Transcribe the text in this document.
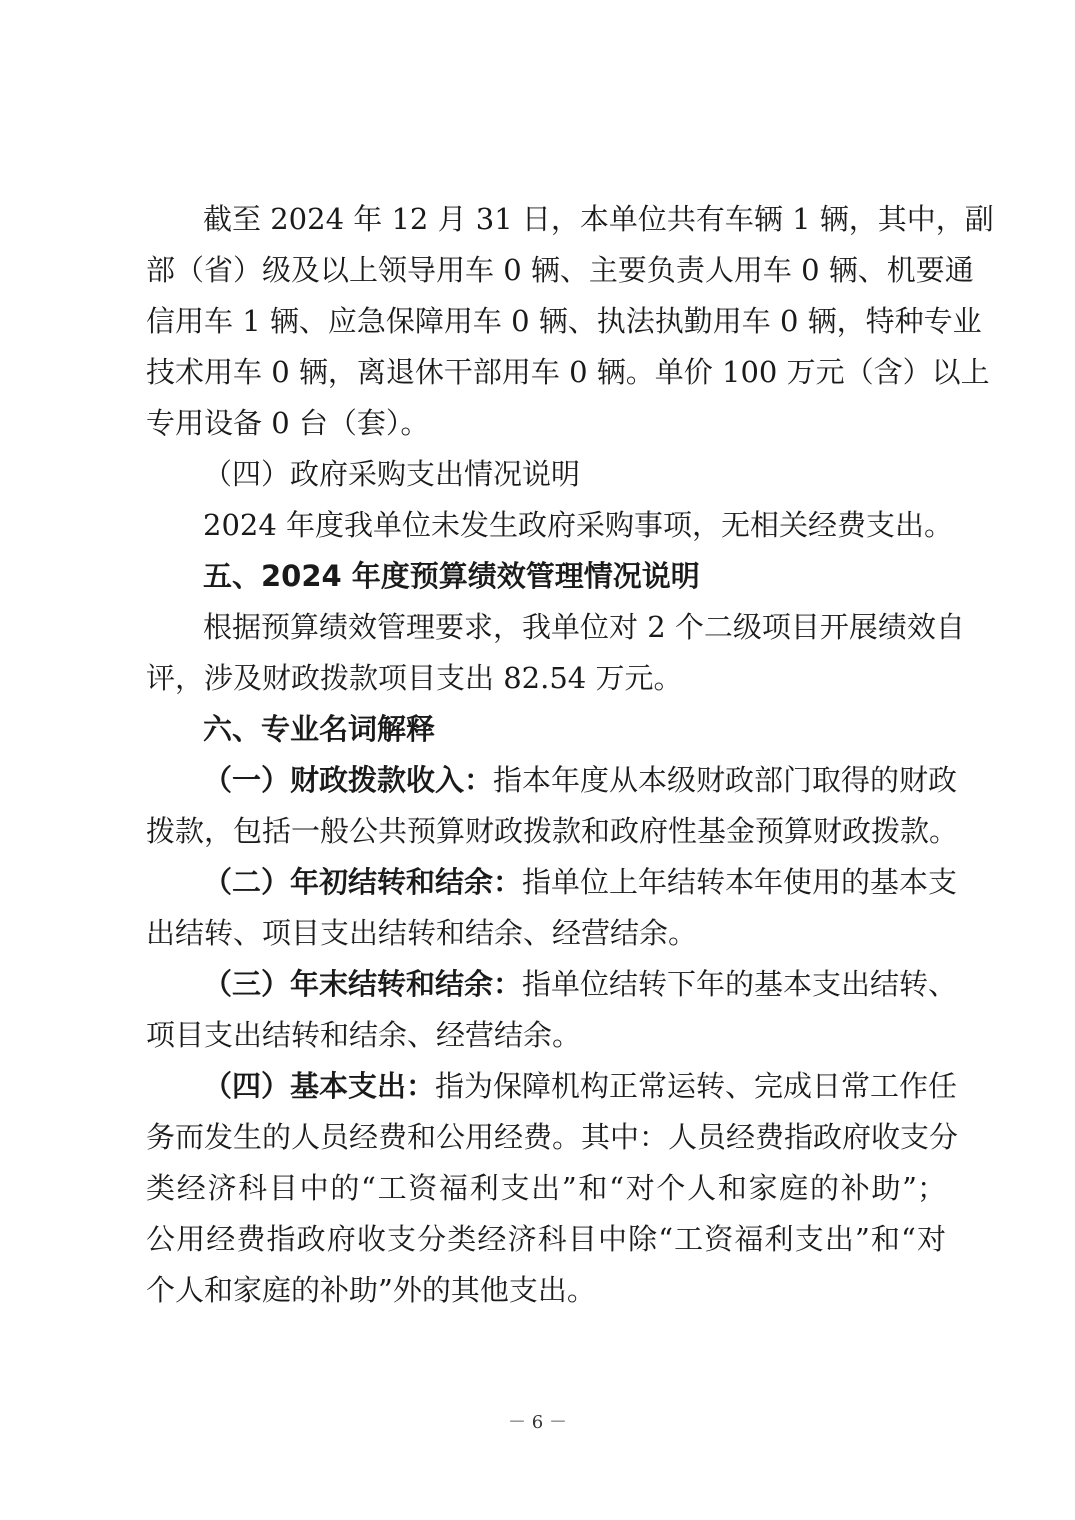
截至 2024 年 12 月 31 日，本单位共有车辆 1 辆，其中，副
部（省）级及以上领导用车 0 辆、主要负责人用车 0 辆、机要通
信用车 1 辆、应急保障用车 0 辆、执法执勤用车 0 辆，特种专业
技术用车 0 辆，离退休干部用车 0 辆。单价 100 万元（含）以上
专用设备 0 台（套）。
（四）政府采购支出情况说明
2024 年度我单位未发生政府采购事项，无相关经费支出。
五、2024 年度预算绩效管理情况说明
根据预算绩效管理要求，我单位对 2 个二级项目开展绩效自
评，涉及财政拨款项目支出 82.54 万元。
六、专业名词解释
（一）财政拨款收入：指本年度从本级财政部门取得的财政
拨款，包括一般公共预算财政拨款和政府性基金预算财政拨款。
（二）年初结转和结余：指单位上年结转本年使用的基本支
出结转、项目支出结转和结余、经营结余。
（三）年末结转和结余：指单位结转下年的基本支出结转、
项目支出结转和结余、经营结余。
（四）基本支出：指为保障机构正常运转、完成日常工作任
务而发生的人员经费和公用经费。其中：人员经费指政府收支分
类经济科目中的“工资福利支出”和“对个人和家庭的补助”；
公用经费指政府收支分类经济科目中除“工资福利支出”和“对
个人和家庭的补助”外的其他支出。
－ 6 －
